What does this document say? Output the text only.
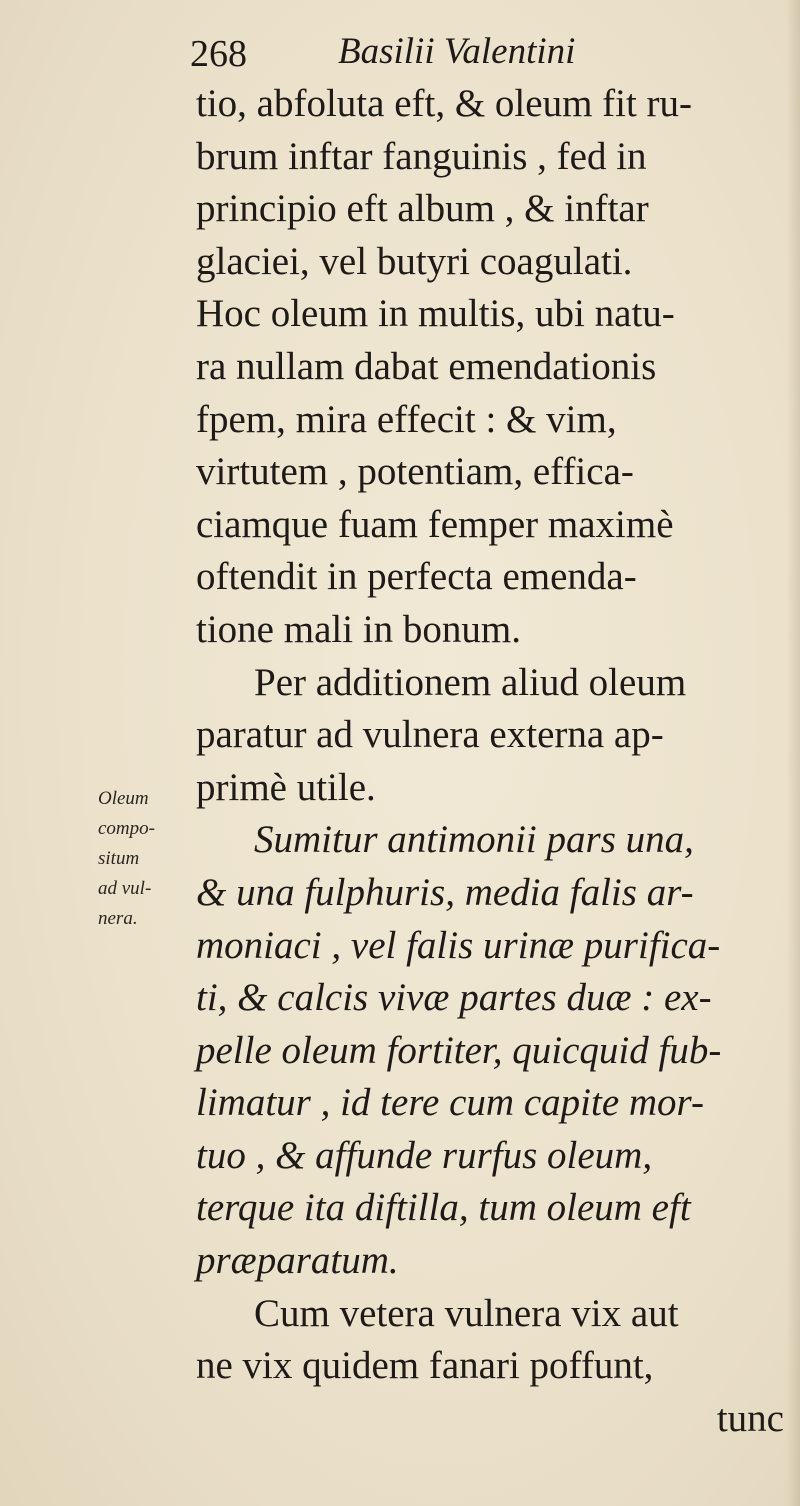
268 Basilii Valentini
Oleum
compo-
situm
ad vul-
nera.
tio, abfoluta eft, & oleum fit ru-
brum inftar fanguinis , fed in
principio eft album , & inftar
glaciei, vel butyri coagulati.
Hoc oleum in multis, ubi natu-
ra nullam dabat emendationis
fpem, mira effecit : & vim,
virtutem , potentiam, effica-
ciamque fuam femper maximè
oftendit in perfecta emenda-
tione mali in bonum.
Per additionem aliud oleum
paratur ad vulnera externa ap-
primè utile.
Sumitur antimonii pars una,
& una fulphuris, media falis ar-
moniaci , vel falis urinæ purifica-
ti, & calcis vivæ partes duæ : ex-
pelle oleum fortiter, quicquid fub-
limatur , id tere cum capite mor-
tuo , & affunde rurfus oleum,
terque ita diftilla, tum oleum eft
præparatum.
Cum vetera vulnera vix aut
ne vix quidem fanari poffunt,
tunc
